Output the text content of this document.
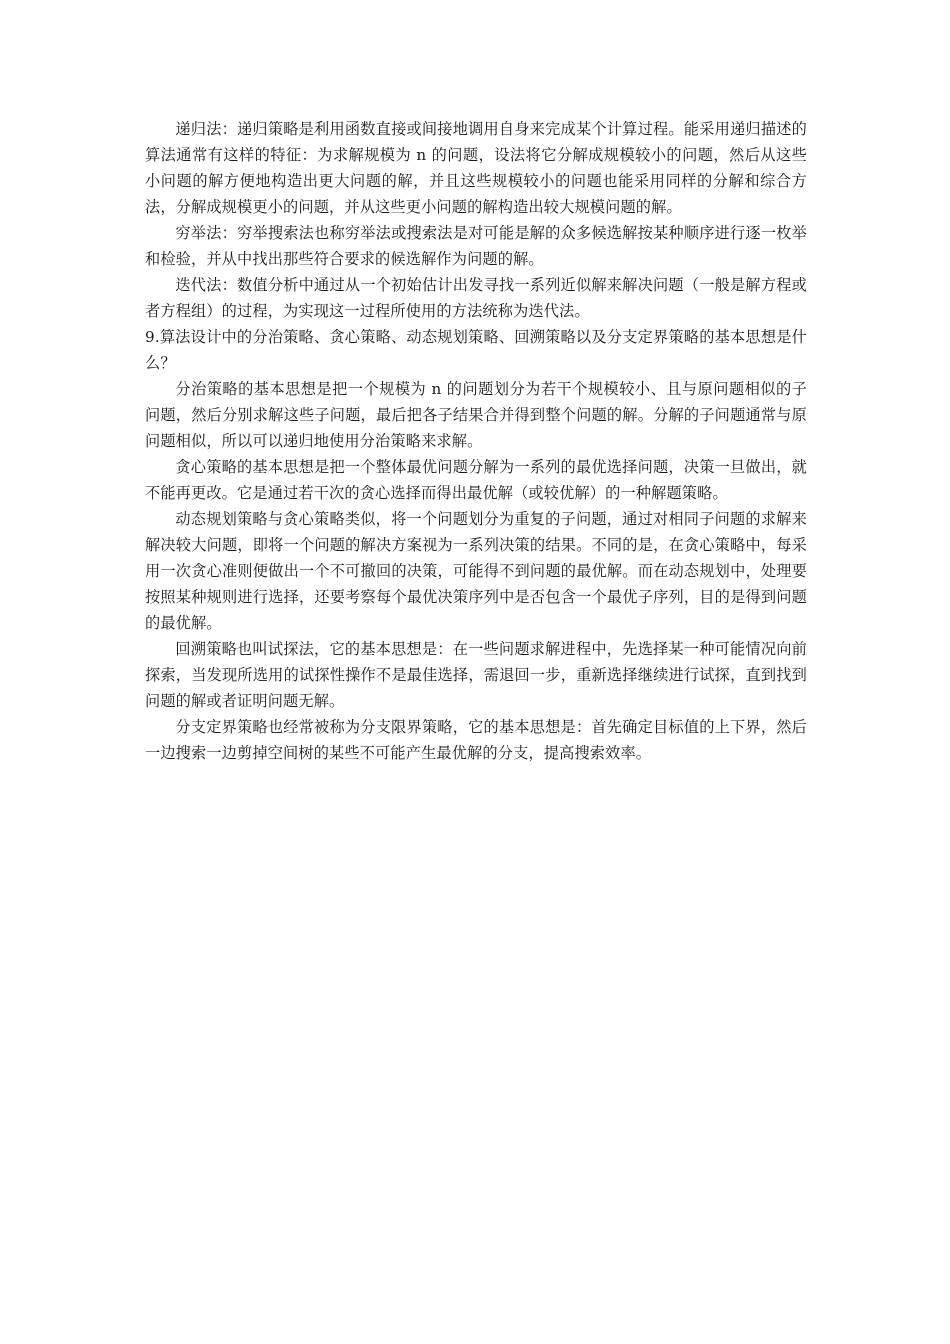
递归法：递归策略是利用函数直接或间接地调用自身来完成某个计算过程。能采用递归描述的算法通常有这样的特征：为求解规模为 n 的问题，设法将它分解成规模较小的问题，然后从这些小问题的解方便地构造出更大问题的解，并且这些规模较小的问题也能采用同样的分解和综合方法，分解成规模更小的问题，并从这些更小问题的解构造出较大规模问题的解。

穷举法：穷举搜索法也称穷举法或搜索法是对可能是解的众多候选解按某种顺序进行逐一枚举和检验，并从中找出那些符合要求的候选解作为问题的解。

迭代法：数值分析中通过从一个初始估计出发寻找一系列近似解来解决问题（一般是解方程或者方程组）的过程，为实现这一过程所使用的方法统称为迭代法。

9.算法设计中的分治策略、贪心策略、动态规划策略、回溯策略以及分支定界策略的基本思想是什么？

分治策略的基本思想是把一个规模为 n 的问题划分为若干个规模较小、且与原问题相似的子问题，然后分别求解这些子问题，最后把各子结果合并得到整个问题的解。分解的子问题通常与原问题相似，所以可以递归地使用分治策略来求解。

贪心策略的基本思想是把一个整体最优问题分解为一系列的最优选择问题，决策一旦做出，就不能再更改。它是通过若干次的贪心选择而得出最优解（或较优解）的一种解题策略。

动态规划策略与贪心策略类似，将一个问题划分为重复的子问题，通过对相同子问题的求解来解决较大问题，即将一个问题的解决方案视为一系列决策的结果。不同的是，在贪心策略中，每采用一次贪心准则便做出一个不可撤回的决策，可能得不到问题的最优解。而在动态规划中，处理要按照某种规则进行选择，还要考察每个最优决策序列中是否包含一个最优子序列，目的是得到问题的最优解。

回溯策略也叫试探法，它的基本思想是：在一些问题求解进程中，先选择某一种可能情况向前探索，当发现所选用的试探性操作不是最佳选择，需退回一步，重新选择继续进行试探，直到找到问题的解或者证明问题无解。

分支定界策略也经常被称为分支限界策略，它的基本思想是：首先确定目标值的上下界，然后一边搜索一边剪掉空间树的某些不可能产生最优解的分支，提高搜索效率。
